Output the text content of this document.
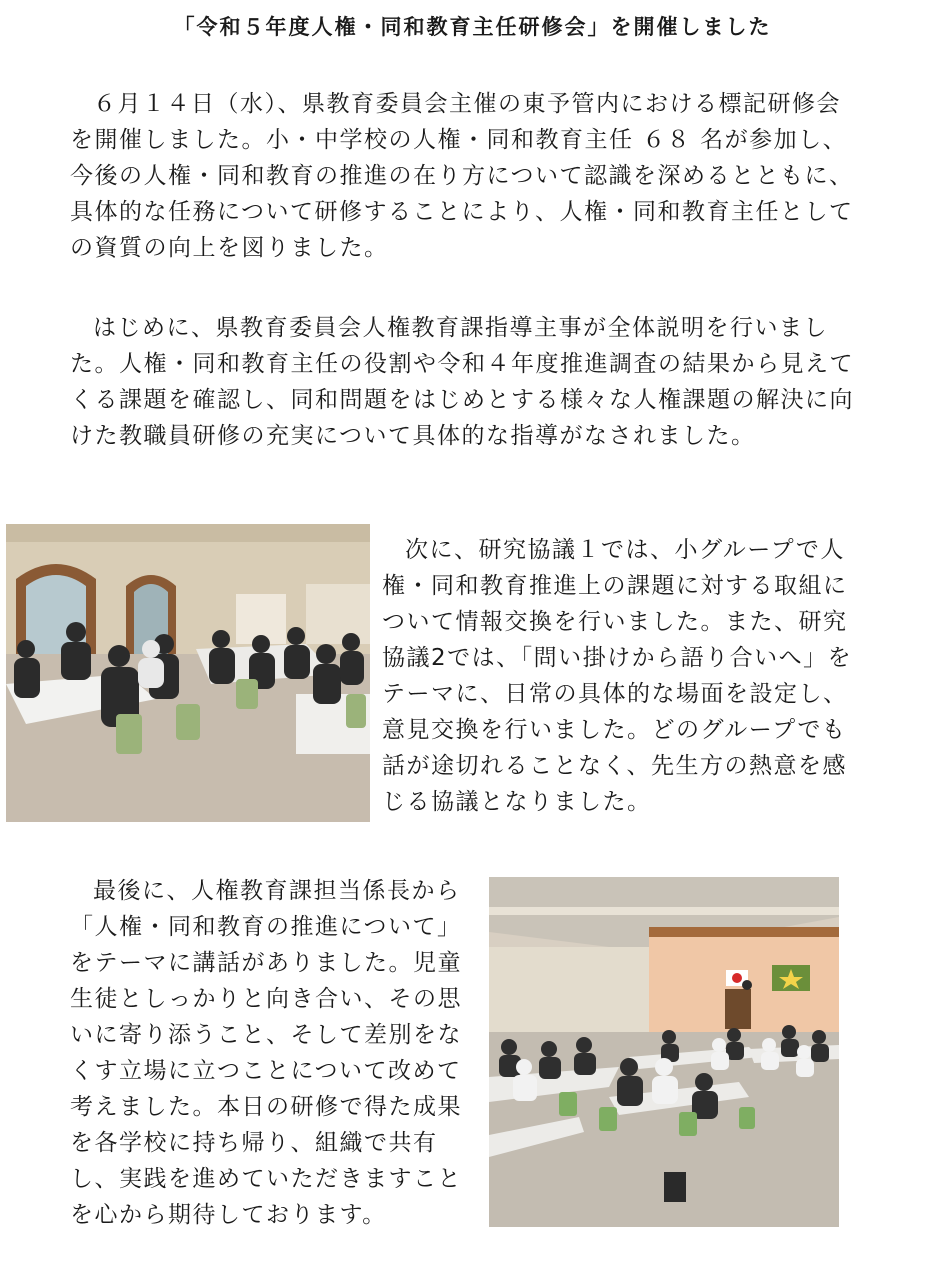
「令和５年度人権・同和教育主任研修会」を開催しました

６月１４日（水）、県教育委員会主催の東予管内における標記研修会を開催しました。小・中学校の人権・同和教育主任 ６８ 名が参加し、今後の人権・同和教育の推進の在り方について認識を深めるとともに、具体的な任務について研修することにより、人権・同和教育主任としての資質の向上を図りました。

はじめに、県教育委員会人権教育課指導主事が全体説明を行いました。人権・同和教育主任の役割や令和４年度推進調査の結果から見えてくる課題を確認し、同和問題をはじめとする様々な人権課題の解決に向けた教職員研修の充実について具体的な指導がなされました。

次に、研究協議１では、小グループで人権・同和教育推進上の課題に対する取組について情報交換を行いました。また、研究協議2では、「問い掛けから語り合いへ」をテーマに、日常の具体的な場面を設定し、意見交換を行いました。どのグループでも話が途切れることなく、先生方の熱意を感じる協議となりました。

最後に、人権教育課担当係長から「人権・同和教育の推進について」をテーマに講話がありました。児童生徒としっかりと向き合い、その思いに寄り添うこと、そして差別をなくす立場に立つことについて改めて考えました。本日の研修で得た成果を各学校に持ち帰り、組織で共有し、実践を進めていただきますことを心から期待しております。
